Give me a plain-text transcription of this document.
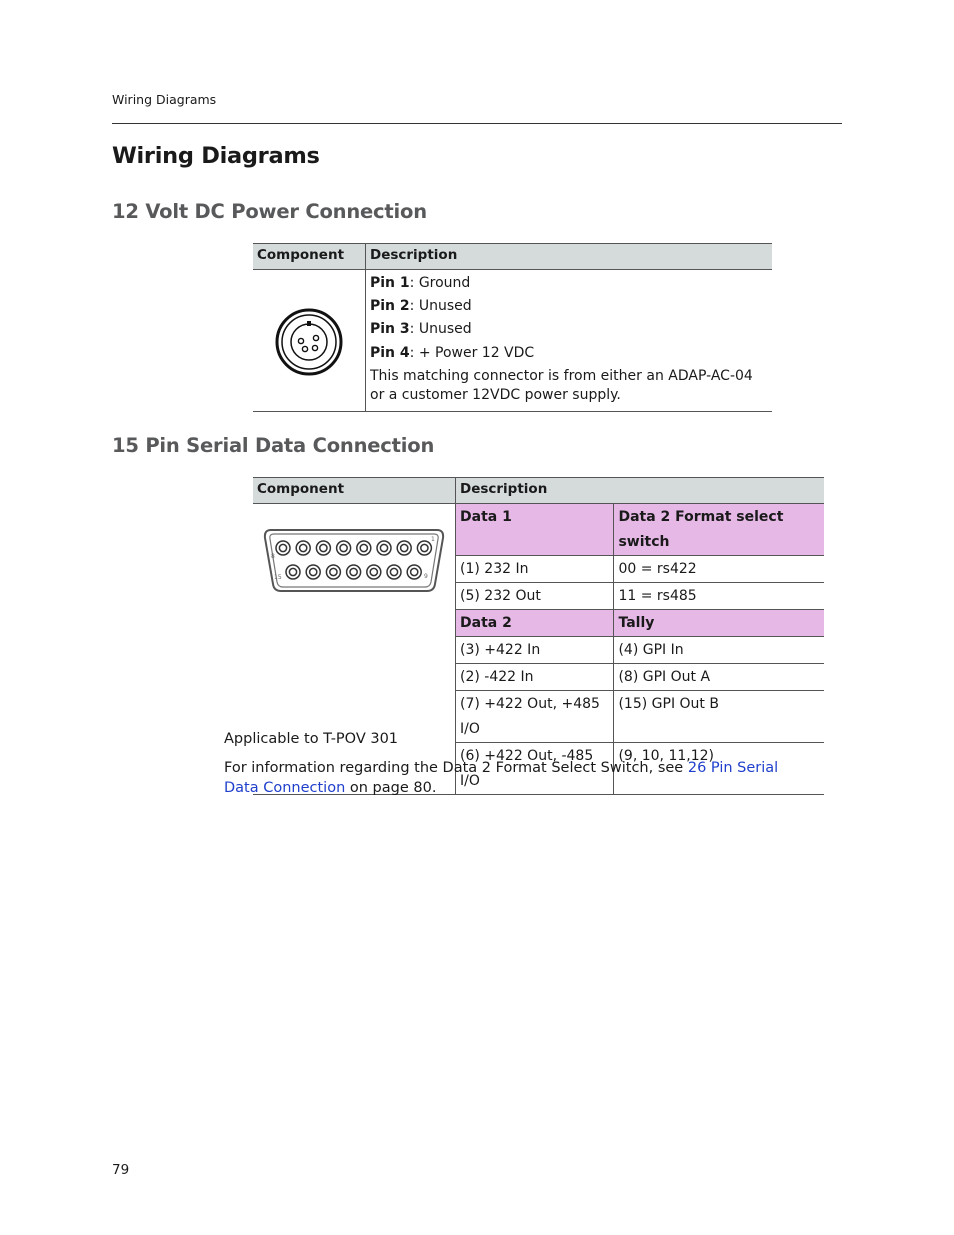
Wiring Diagrams
Wiring Diagrams
12 Volt DC Power Connection
Component	Description

Pin 1: Ground
Pin 2: Unused
Pin 3: Unused
Pin 4: + Power 12 VDC
This matching connector is from either an ADAP-AC-04 or a customer 12VDC power supply.
15 Pin Serial Data Connection
Component	Description	

1
8
9
15	Data 1	Data 2 Format select switch
	(1) 232 In	00 = rs422
	(5) 232 Out	11 = rs485
	Data 2	Tally
	(3) +422 In	(4) GPI In
	(2) -422 In	(8) GPI Out A
	(7) +422 Out, +485 I/O	(15) GPI Out B
	(6) +422 Out, -485 I/O	(9, 10, 11,12)
Applicable to T-POV 301
For information regarding the Data 2 Format Select Switch, see 26 Pin Serial Data Connection on page 80.
79
